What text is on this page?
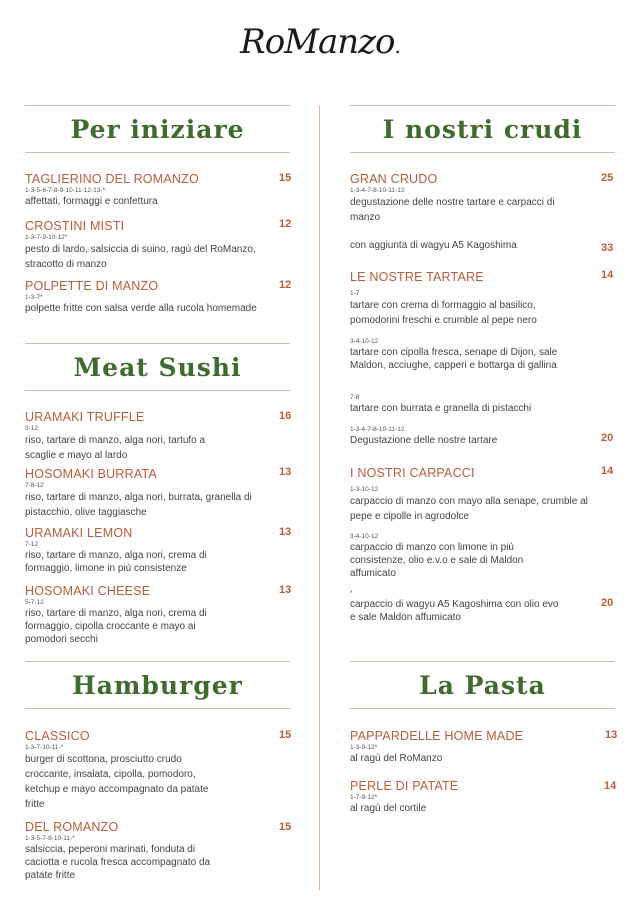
RoManzo.
Per iniziare
TAGLIERINO DEL ROMANZO
1-3-5-6-7-8-9-10-11-12-13-*
affettati, formaggi e confettura
15
CROSTINI MISTI
1-3-7-9-10-12*
pesto di lardo, salsiccia di suino, ragù del RoManzo, stracotto di manzo
12
POLPETTE DI MANZO
1-3-7*
polpette fritte con salsa verde alla rucola homemade
12
Meat Sushi
URAMAKI TRUFFLE
3-12
riso, tartare di manzo, alga nori, tartufo a scaglie e mayo al lardo
16
HOSOMAKI BURRATA
7-8-12
riso, tartare di manzo, alga nori, burrata, granella di pistacchio, olive taggiasche
13
URAMAKI LEMON
7-12
riso, tartare di manzo, alga nori, crema di formaggio, limone in più consistenze
13
HOSOMAKI CHEESE
5-7-12
riso, tartare di manzo, alga nori, crema di formaggio, cipolla croccante e mayo ai pomodori secchi
13
Hamburger
CLASSICO
1-3-7-10-11-*
burger di scottona, prosciutto crudo croccante, insalata, cipolla, pomodoro, ketchup e mayo accompagnato da patate fritte
15
DEL ROMANZO
1-3-5-7-8-10-11-*
salsiccia, peperoni marinati, fonduta di caciotta e rucola fresca accompagnato da patate fritte
15
I nostri crudi
GRAN CRUDO
1-3-4-7-8-10-11-12
degustazione delle nostre tartare e carpacci di manzo
25
con aggiunta di wagyu A5 Kagoshima	33
LE NOSTRE TARTARE	14
1-7
tartare con crema di formaggio al basilico, pomodorini freschi e crumble al pepe nero
3-4-10-12
tartare con cipolla fresca, senape di Dijon, sale Maldon, acciughe, capperi e bottarga di gallina
7-8
tartare con burrata e granella di pistacchi
1-3-4-7-8-10-11-12
Degustazione delle nostre tartare	20
I NOSTRI CARPACCI	14
1-3-10-12
carpaccio di manzo con mayo alla senape, crumble al pepe e cipolle in agrodolce
3-4-10-12
carpaccio di manzo con limone in più consistenze, olio e.v.o e sale di Maldon affumicato
*
carpaccio di wagyu A5 Kagoshima con olio evo e sale Maldon affumicato
20
La Pasta
PAPPARDELLE HOME MADE
1-3-9-12*
al ragù del RoManzo
13
PERLE DI PATATE
1-7-9-12*
al ragù del cortile
14
